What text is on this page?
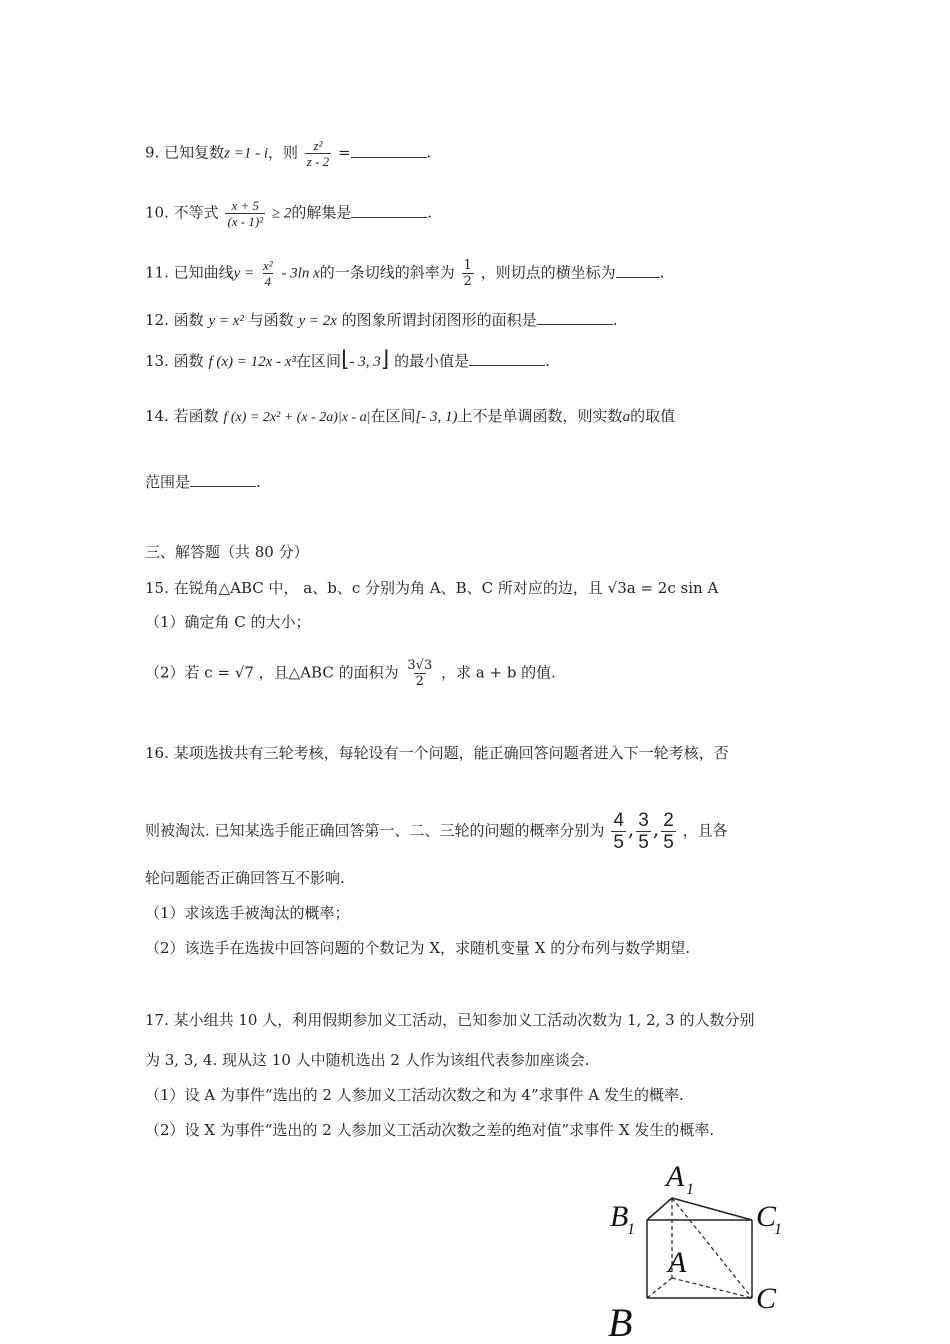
9. 已知复数z =1 - i，则 $\frac{\text{z²}}{z - 2}$ =	.
10. 不等式 $\frac{x + 5}{\text{(x - 1)²}} \ge 2$的解集是	.
11. 已知曲线$y = \frac{\text{x²}}{4} - 3\ln$ x的一条切线的斜率为 $\frac{1}{2}$ ，则切点的横坐标为	.
12. 函数 y = x² 与函数 y = 2x 的图象所谓封闭图形的面积是	.
13. 函数 f (x) = 12x - x³在区间⌊- 3, 3⌋ 的最小值是	.
14. 若函数 f (x) = 2x² + (x - 2a)|x - a|在区间[- 3, 1)上不是单调函数，则实数a的取值
范围是	.
三、解答题（共 80 分）
15. 在锐角△ABC 中， a、b、c 分别为角 A、B、C 所对应的边，且 √3a = 2c sin A
（1）确定角 C 的大小；
（2）若 c = √7 ，且△ABC 的面积为 $\frac{3√3}{2}$ ，求 a + b 的值.
16. 某项选拔共有三轮考核，每轮设有一个问题，能正确回答问题者进入下一轮考核，否
则被淘汰. 已知某选手能正确回答第一、二、三轮的问题的概率分别为 $\frac{4}{5}$ , $\frac{3}{5}$ , $\frac{2}{5}$ ，且各
轮问题能否正确回答互不影响.
（1）求该选手被淘汰的概率；
（2）该选手在选拔中回答问题的个数记为 X，求随机变量 X 的分布列与数学期望.
17. 某小组共 10 人，利用假期参加义工活动，已知参加义工活动次数为 1, 2, 3 的人数分别
为 3, 3, 4. 现从这 10 人中随机选出 2 人作为该组代表参加座谈会.
（1）设 A 为事件“选出的 2 人参加义工活动次数之和为 4”求事件 A 发生的概率.
（2）设 X 为事件“选出的 2 人参加义工活动次数之差的绝对值”求事件 X 发生的概率.
A 1
B
1	C
1
A
B
C
